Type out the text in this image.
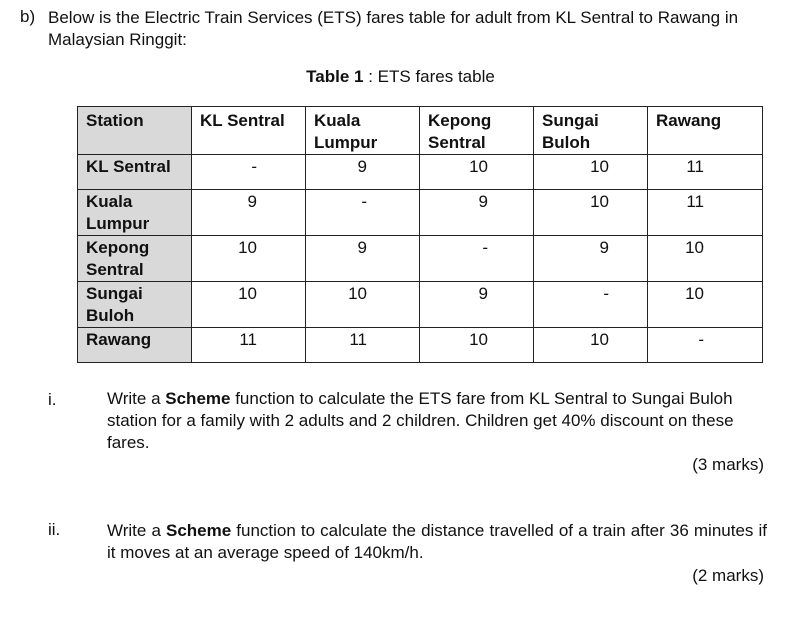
b) Below is the Electric Train Services (ETS) fares table for adult from KL Sentral to Rawang in Malaysian Ringgit:
Table 1 : ETS fares table
Station	KL Sentral	Kuala Lumpur	Kepong Sentral	Sungai Buloh	Rawang
KL Sentral	-	9	10	10	11
Kuala Lumpur	9	-	9	10	11
Kepong Sentral	10	9	-	9	10
Sungai Buloh	10	10	9	-	10
Rawang	11	11	10	10	-
i.	Write a Scheme function to calculate the ETS fare from KL Sentral to Sungai Buloh station for a family with 2 adults and 2 children. Children get 40% discount on these fares.
(3 marks)
ii.	Write a Scheme function to calculate the distance travelled of a train after 36 minutes if it moves at an average speed of 140km/h.
(2 marks)
